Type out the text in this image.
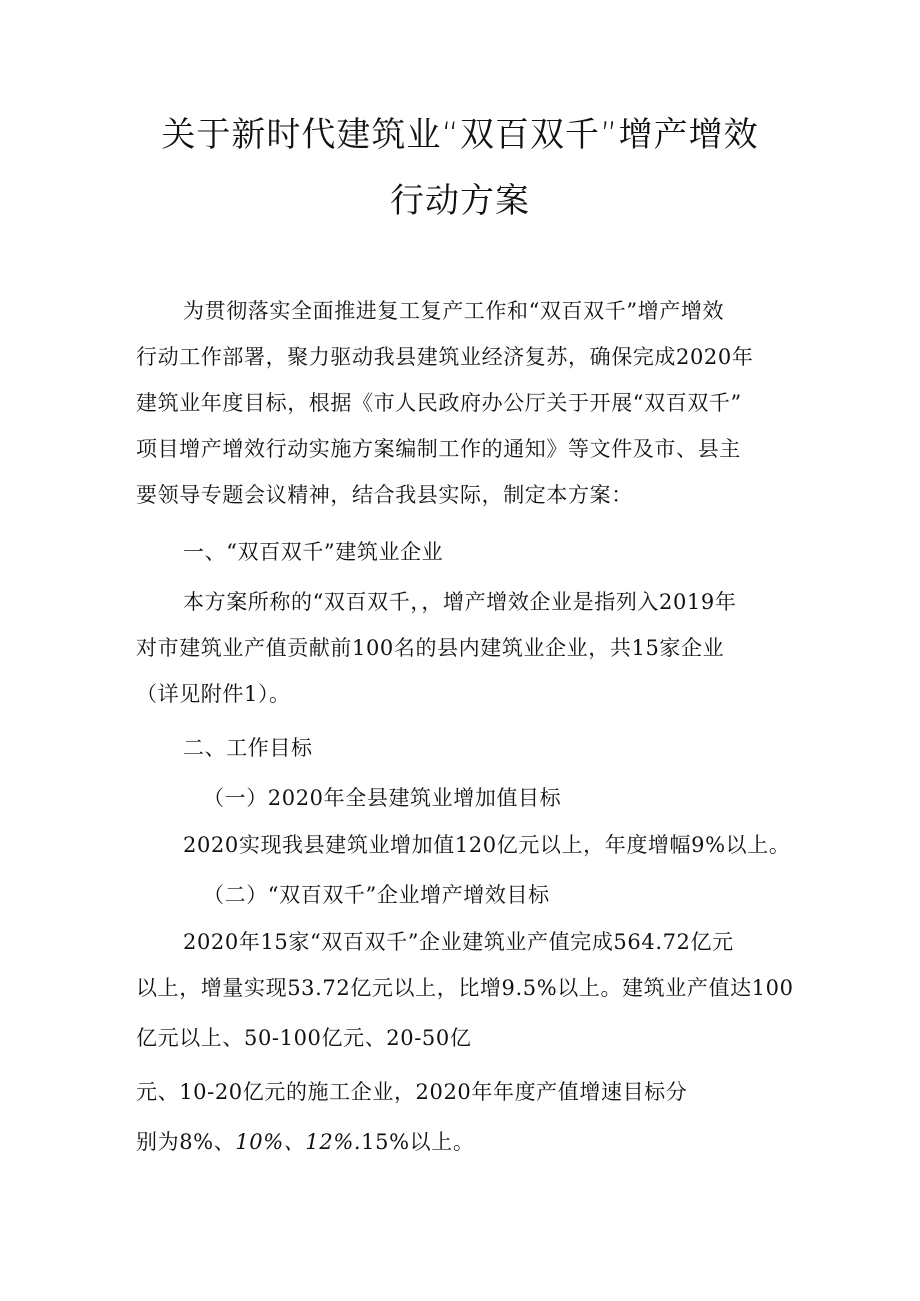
关于新时代建筑业“双百双千”增产增效
行动方案
为贯彻落实全面推进复工复产工作和“双百双千”增产增效
行动工作部署，聚力驱动我县建筑业经济复苏，确保完成2020年
建筑业年度目标，根据《市人民政府办公厅关于开展“双百双千”
项目增产增效行动实施方案编制工作的通知》等文件及市、县主
要领导专题会议精神，结合我县实际，制定本方案：
一、“双百双千”建筑业企业
本方案所称的“双百双千，，增产增效企业是指列入2019年
对市建筑业产值贡献前100名的县内建筑业企业，共15家企业
（详见附件1）。
二、工作目标
（一）2020年全县建筑业增加值目标
2020实现我县建筑业增加值120亿元以上，年度增幅9%以上。
（二）“双百双千”企业增产增效目标
2020年15家“双百双千”企业建筑业产值完成564.72亿元
以上，增量实现53.72亿元以上，比增9.5%以上。建筑业产值达100
亿元以上、50-100亿元、20-50亿
元、10-20亿元的施工企业，2020年年度产值增速目标分
别为8%、10%、12%.15%以上。
